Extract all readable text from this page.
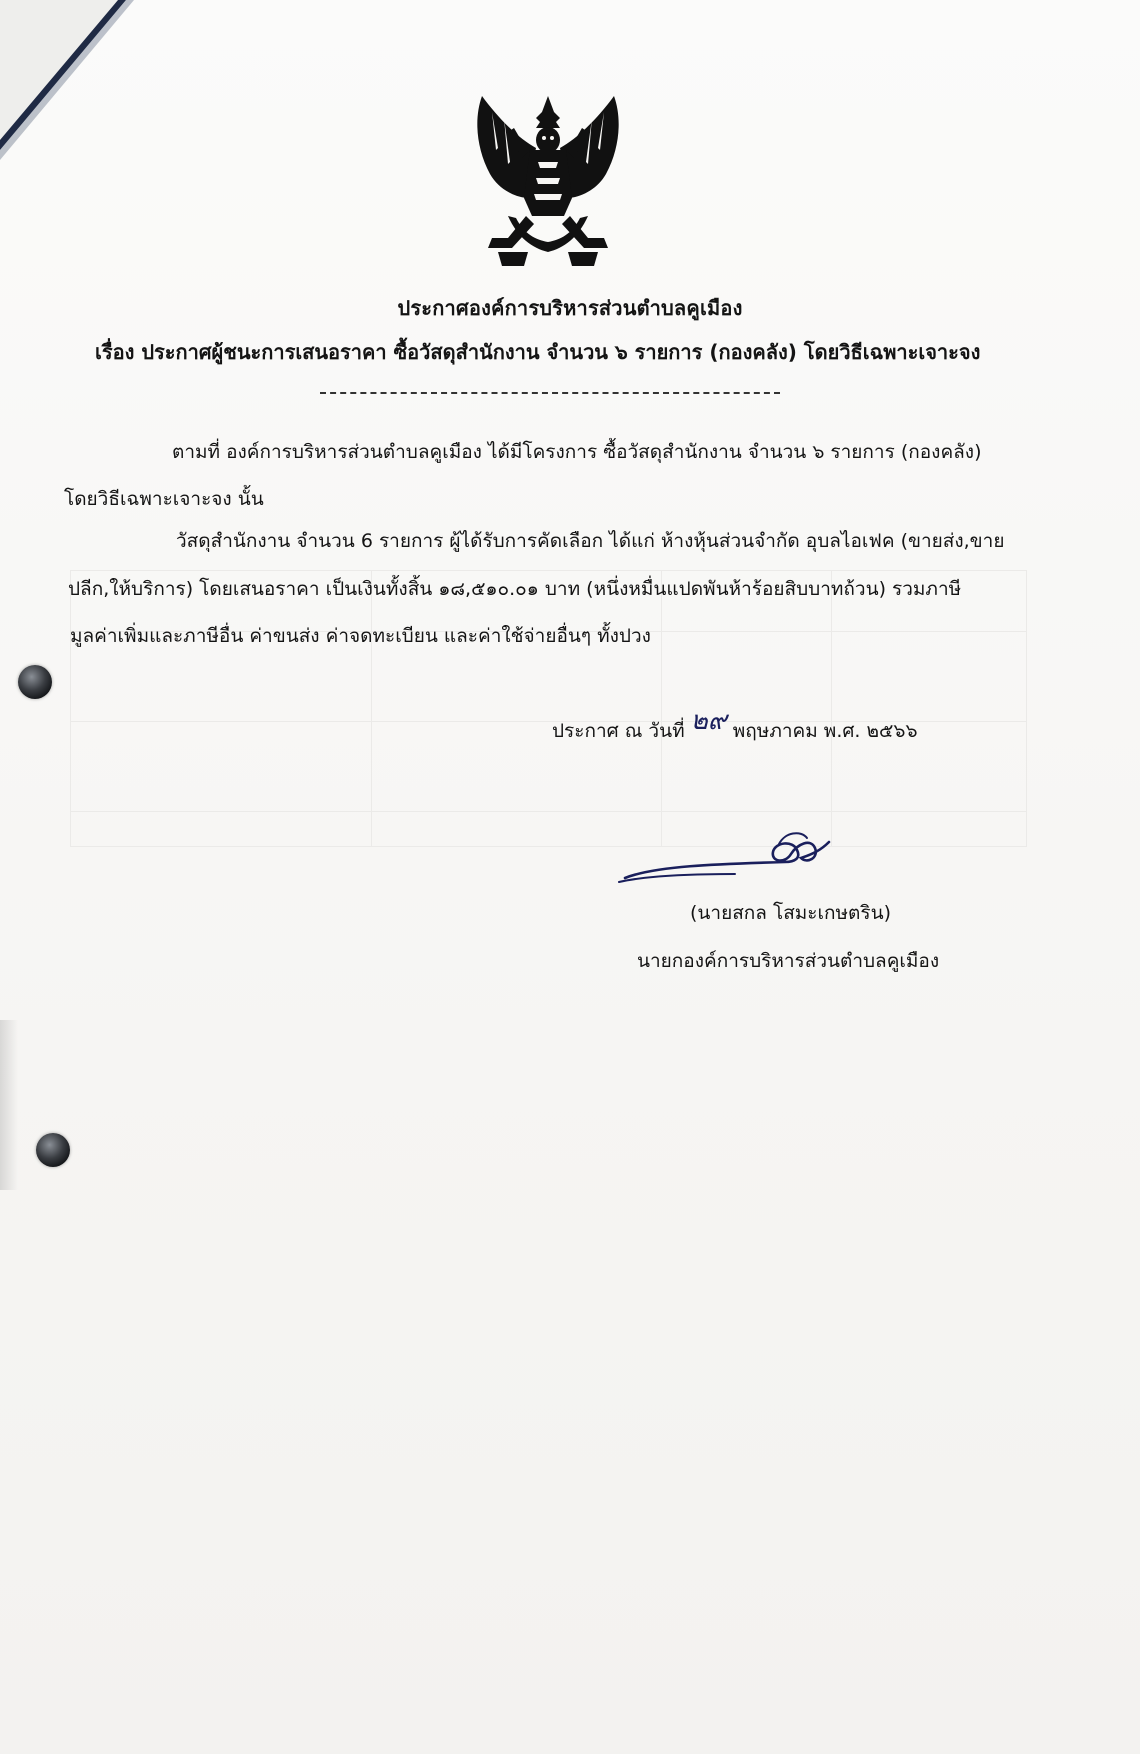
ประกาศองค์การบริหารส่วนตำบลคูเมือง
เรื่อง ประกาศผู้ชนะการเสนอราคา ซื้อวัสดุสำนักงาน จำนวน ๖ รายการ (กองคลัง) โดยวิธีเฉพาะเจาะจง
ตามที่ องค์การบริหารส่วนตำบลคูเมือง ได้มีโครงการ ซื้อวัสดุสำนักงาน จำนวน ๖ รายการ (กองคลัง)
โดยวิธีเฉพาะเจาะจง นั้น
วัสดุสำนักงาน จำนวน 6 รายการ ผู้ได้รับการคัดเลือก ได้แก่ ห้างหุ้นส่วนจำกัด อุบลไอเฟค (ขายส่ง,ขาย
ปลีก,ให้บริการ) โดยเสนอราคา เป็นเงินทั้งสิ้น ๑๘,๕๑๐.๐๑ บาท (หนึ่งหมื่นแปดพันห้าร้อยสิบบาทถ้วน) รวมภาษี
มูลค่าเพิ่มและภาษีอื่น ค่าขนส่ง ค่าจดทะเบียน และค่าใช้จ่ายอื่นๆ ทั้งปวง
ประกาศ ณ วันที่ ๒๙ พฤษภาคม พ.ศ. ๒๕๖๖
(นายสกล โสมะเกษตริน)
นายกองค์การบริหารส่วนตำบลคูเมือง
